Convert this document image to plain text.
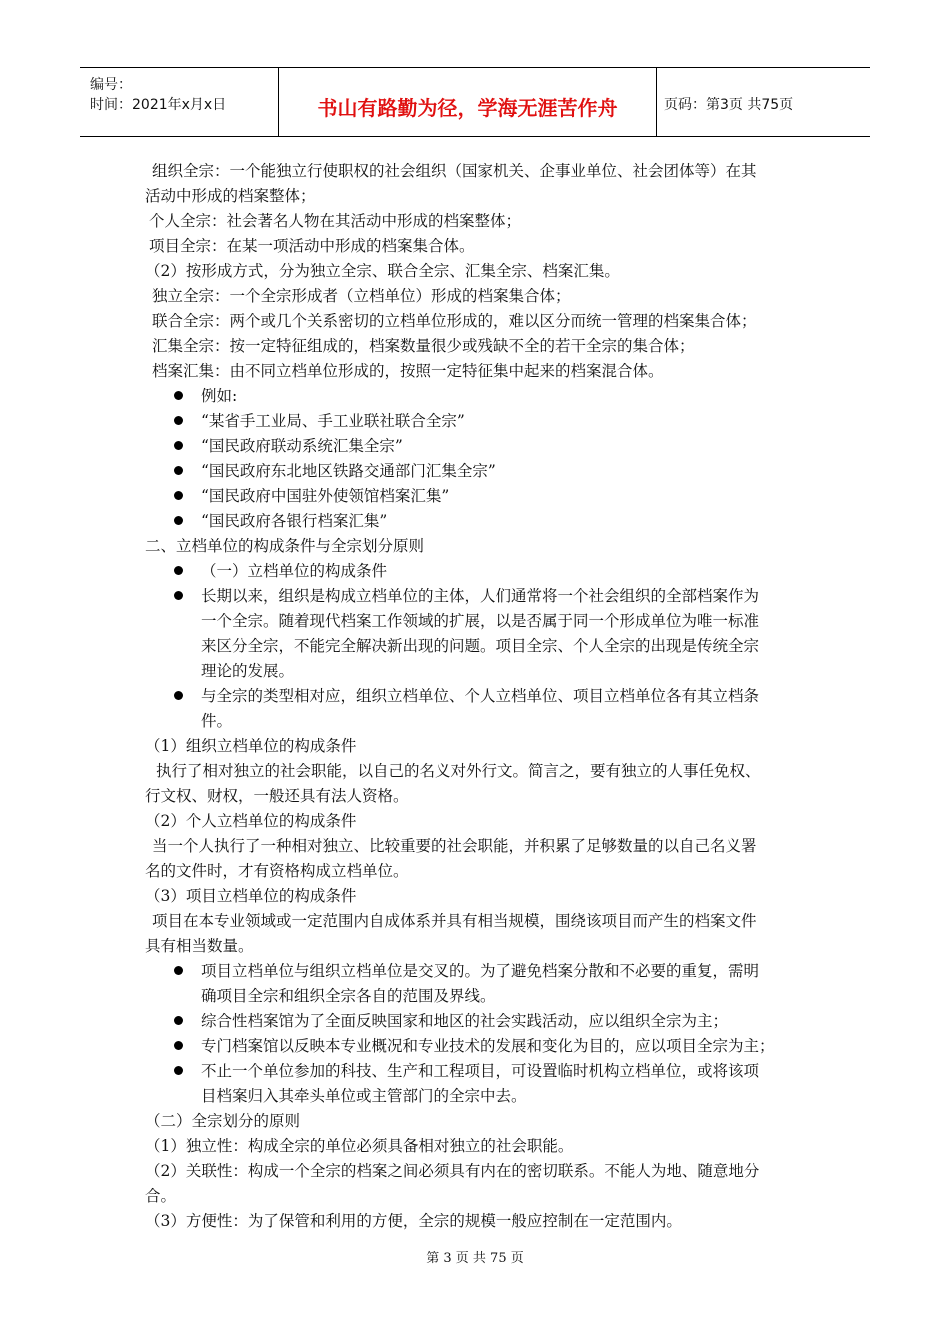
编号：
时间：2021年x月x日	书山有路勤为径，学海无涯苦作舟	页码：第3页 共75页
组织全宗：一个能独立行使职权的社会组织（国家机关、企事业单位、社会团体等）在其
活动中形成的档案整体；
个人全宗：社会著名人物在其活动中形成的档案整体；
项目全宗：在某一项活动中形成的档案集合体。
（2）按形成方式，分为独立全宗、联合全宗、汇集全宗、档案汇集。
独立全宗：一个全宗形成者（立档单位）形成的档案集合体；
联合全宗：两个或几个关系密切的立档单位形成的，难以区分而统一管理的档案集合体；
汇集全宗：按一定特征组成的，档案数量很少或残缺不全的若干全宗的集合体；
档案汇集：由不同立档单位形成的，按照一定特征集中起来的档案混合体。
例如:
“某省手工业局、手工业联社联合全宗”
“国民政府联动系统汇集全宗”
“国民政府东北地区铁路交通部门汇集全宗”
“国民政府中国驻外使领馆档案汇集”
“国民政府各银行档案汇集”
二、立档单位的构成条件与全宗划分原则
（一）立档单位的构成条件
长期以来，组织是构成立档单位的主体，人们通常将一个社会组织的全部档案作为
一个全宗。随着现代档案工作领域的扩展，以是否属于同一个形成单位为唯一标准
来区分全宗，不能完全解决新出现的问题。项目全宗、个人全宗的出现是传统全宗
理论的发展。
与全宗的类型相对应，组织立档单位、个人立档单位、项目立档单位各有其立档条
件。
（1）组织立档单位的构成条件
执行了相对独立的社会职能，以自己的名义对外行文。简言之，要有独立的人事任免权、
行文权、财权，一般还具有法人资格。
（2）个人立档单位的构成条件
当一个人执行了一种相对独立、比较重要的社会职能，并积累了足够数量的以自己名义署
名的文件时，才有资格构成立档单位。
（3）项目立档单位的构成条件
项目在本专业领域或一定范围内自成体系并具有相当规模，围绕该项目而产生的档案文件
具有相当数量。
项目立档单位与组织立档单位是交叉的。为了避免档案分散和不必要的重复，需明
确项目全宗和组织全宗各自的范围及界线。
综合性档案馆为了全面反映国家和地区的社会实践活动，应以组织全宗为主；
专门档案馆以反映本专业概况和专业技术的发展和变化为目的，应以项目全宗为主；
不止一个单位参加的科技、生产和工程项目，可设置临时机构立档单位，或将该项
目档案归入其牵头单位或主管部门的全宗中去。
（二）全宗划分的原则
（1）独立性：构成全宗的单位必须具备相对独立的社会职能。
（2）关联性：构成一个全宗的档案之间必须具有内在的密切联系。不能人为地、随意地分
合。
（3）方便性：为了保管和利用的方便，全宗的规模一般应控制在一定范围内。
第 3 页 共 75 页
